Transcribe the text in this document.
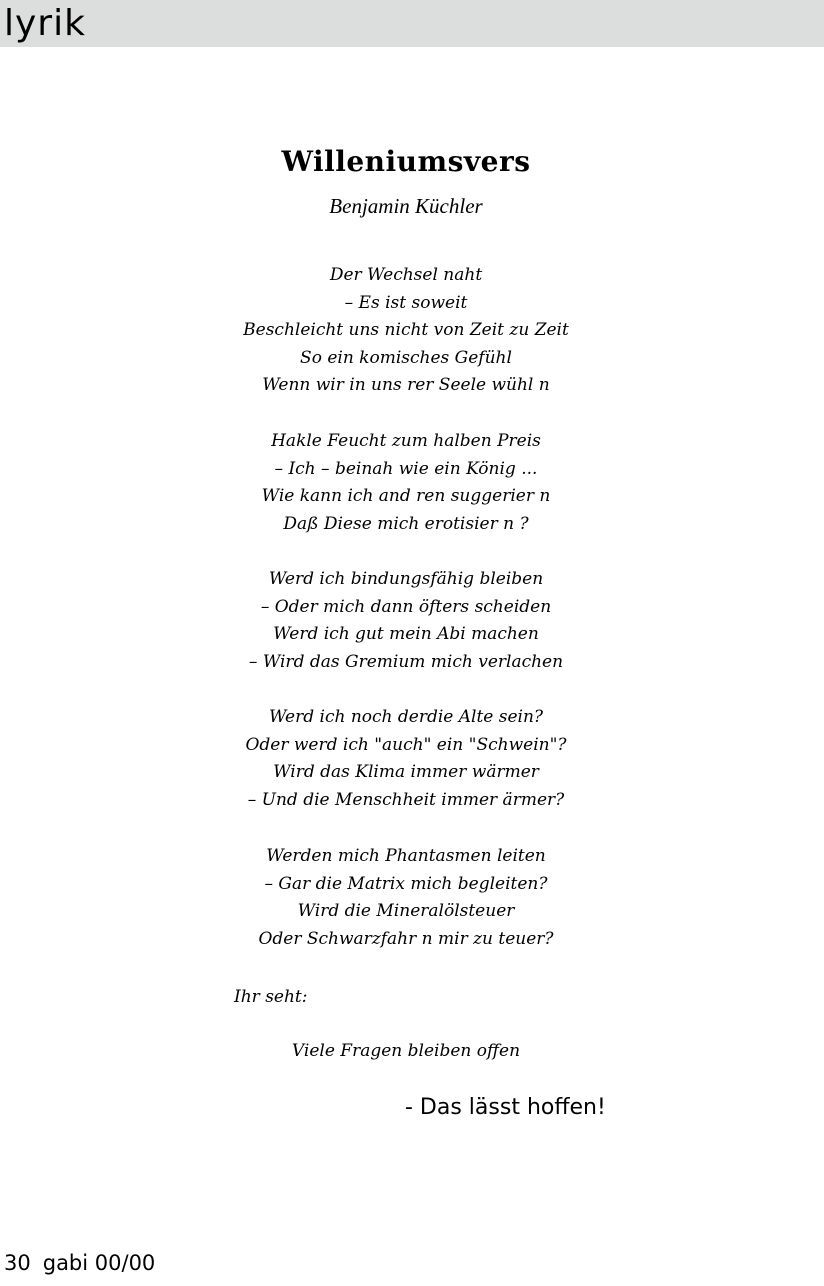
lyrik
Willeniumsvers
Benjamin Küchler
Der Wechsel naht
– Es ist soweit
Beschleicht uns nicht von Zeit zu Zeit
So ein komisches Gefühl
Wenn wir in uns rer Seele wühl n
Hakle Feucht zum halben Preis
– Ich – beinah wie ein König ...
Wie kann ich and ren suggerier n
Daß Diese mich erotisier n ?
Werd ich bindungsfähig bleiben
– Oder mich dann öfters scheiden
Werd ich gut mein Abi machen
– Wird das Gremium mich verlachen
Werd ich noch derdie Alte sein?
Oder werd ich "auch" ein "Schwein"?
Wird das Klima immer wärmer
– Und die Menschheit immer ärmer?
Werden mich Phantasmen leiten
– Gar die Matrix mich begleiten?
Wird die Mineralölsteuer
Oder Schwarzfahr n mir zu teuer?
Ihr seht:
Viele Fragen bleiben offen
- Das lässt hoffen!
30 gabi 00/00
